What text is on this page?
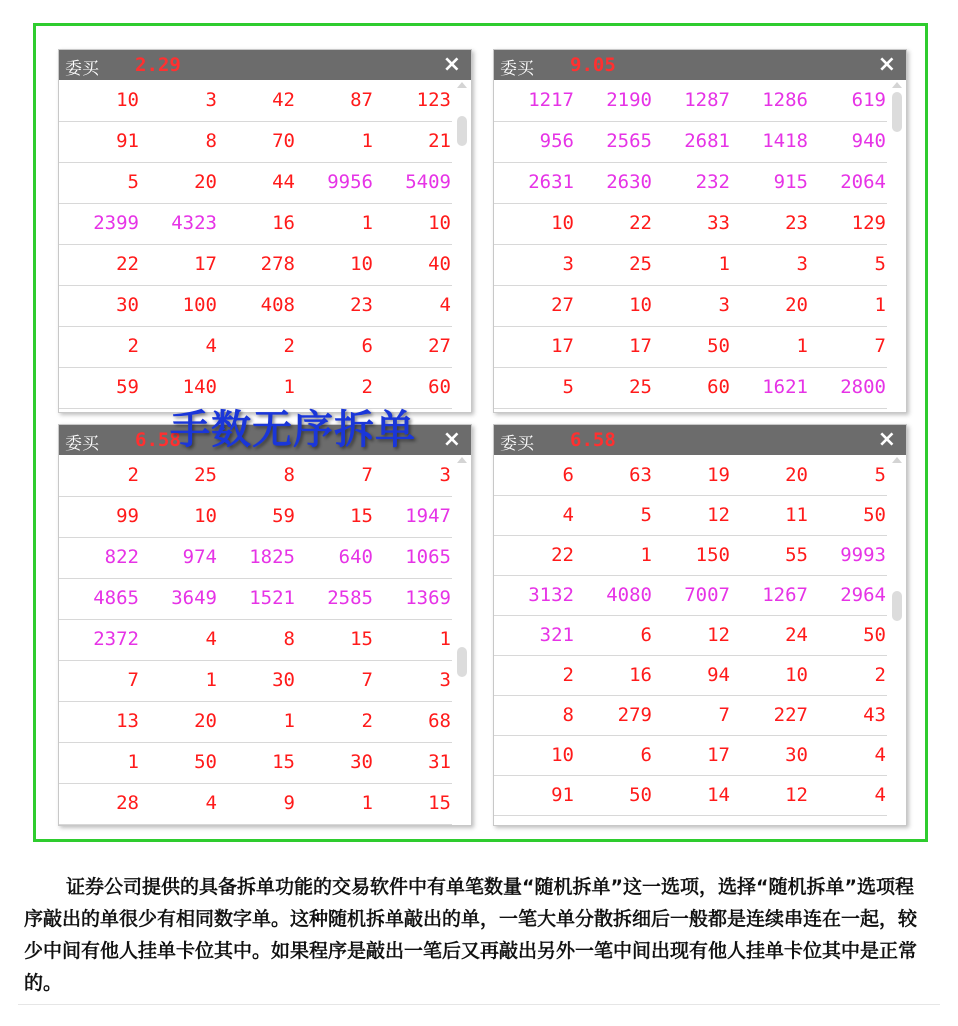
委买 2.29	×
10	3	42	87	123
91	8	70	1	21
5	20	44	9956	5409
2399	4323	16	1	10
22	17	278	10	40
30	100	408	23	4
2	4	2	6	27
59	140	1	2	60
委买 9.05	×
1217	2190	1287	1286	619
956	2565	2681	1418	940
2631	2630	232	915	2064
10	22	33	23	129
3	25	1	3	5
27	10	3	20	1
17	17	50	1	7
5	25	60	1621	2800
委买 6.58	×
2	25	8	7	3
99	10	59	15	1947
822	974	1825	640	1065
4865	3649	1521	2585	1369
2372	4	8	15	1
7	1	30	7	3
13	20	1	2	68
1	50	15	30	31
28	4	9	1	15
委买 6.58	×
6	63	19	20	5
4	5	12	11	50
22	1	150	55	9993
3132	4080	7007	1267	2964
321	6	12	24	50
2	16	94	10	2
8	279	7	227	43
10	6	17	30	4
91	50	14	12	4
手数无序拆单
证券公司提供的具备拆单功能的交易软件中有单笔数量“随机拆单”这一选项，选择“随机拆单”选项程序敲出的单很少有相同数字单。这种随机拆单敲出的单，一笔大单分散拆细后一般都是连续串连在一起，较少中间有他人挂单卡位其中。如果程序是敲出一笔后又再敲出另外一笔中间出现有他人挂单卡位其中是正常的。
